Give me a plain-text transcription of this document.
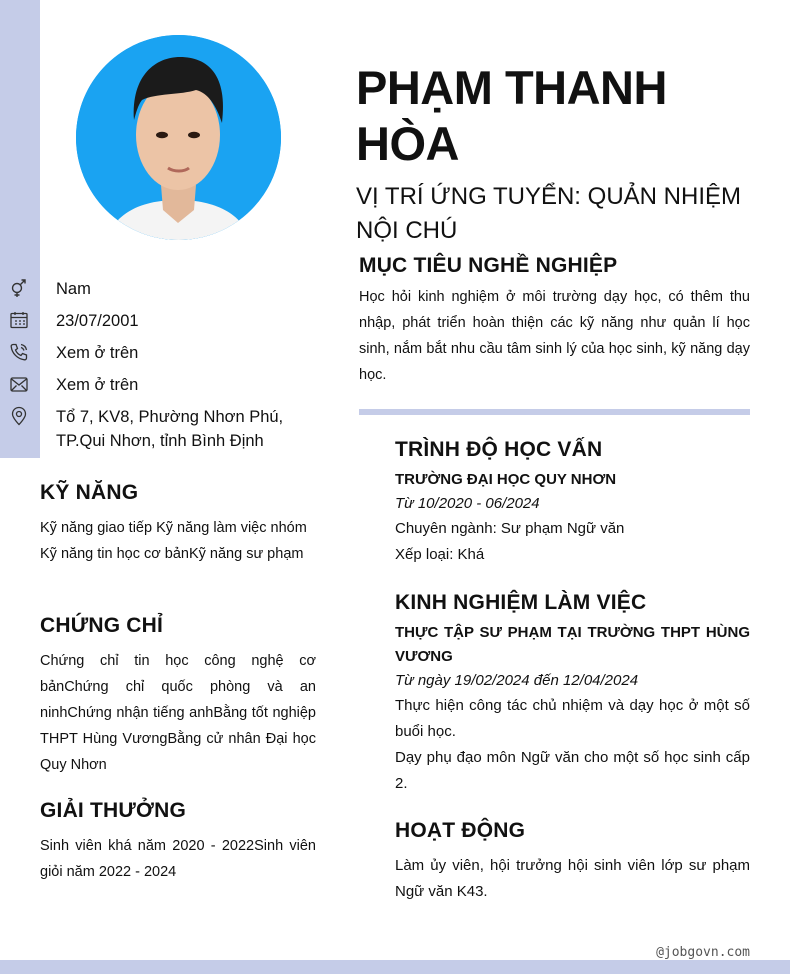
Nam
23/07/2001
Xem ở trên
Xem ở trên
Tổ 7, KV8, Phường Nhơn Phú, TP.Qui Nhơn, tỉnh Bình Định
KỸ NĂNG
Kỹ năng giao tiếp Kỹ năng làm việc nhóm Kỹ năng tin học cơ bảnKỹ năng sư phạm
CHỨNG CHỈ
Chứng chỉ tin học công nghệ cơ bảnChứng chỉ quốc phòng và an ninhChứng nhận tiếng anhBằng tốt nghiệp THPT Hùng VươngBằng cử nhân Đại học Quy Nhơn
GIẢI THƯỞNG
Sinh viên khá năm 2020 - 2022Sinh viên giỏi năm 2022 - 2024
PHẠM THANH HÒA
VỊ TRÍ ỨNG TUYỂN: QUẢN NHIỆM NỘI CHÚ
MỤC TIÊU NGHỀ NGHIỆP
Học hỏi kinh nghiệm ở môi trường dạy học, có thêm thu nhập, phát triển hoàn thiện các kỹ năng như quản lí học sinh, nắm bắt nhu cầu tâm sinh lý của học sinh, kỹ năng dạy học.
TRÌNH ĐỘ HỌC VẤN
TRƯỜNG ĐẠI HỌC QUY NHƠN
Từ 10/2020 - 06/2024
Chuyên ngành: Sư phạm Ngữ văn
Xếp loại: Khá
KINH NGHIỆM LÀM VIỆC
THỰC TẬP SƯ PHẠM TẠI TRƯỜNG THPT HÙNG VƯƠNG
Từ ngày 19/02/2024 đến 12/04/2024
Thực hiện công tác chủ nhiệm và dạy học ở một số buổi học.
Dạy phụ đạo môn Ngữ văn cho một số học sinh cấp 2.
HOẠT ĐỘNG
Làm ủy viên, hội trưởng hội sinh viên lớp sư phạm Ngữ văn K43.
@jobgovn.com
